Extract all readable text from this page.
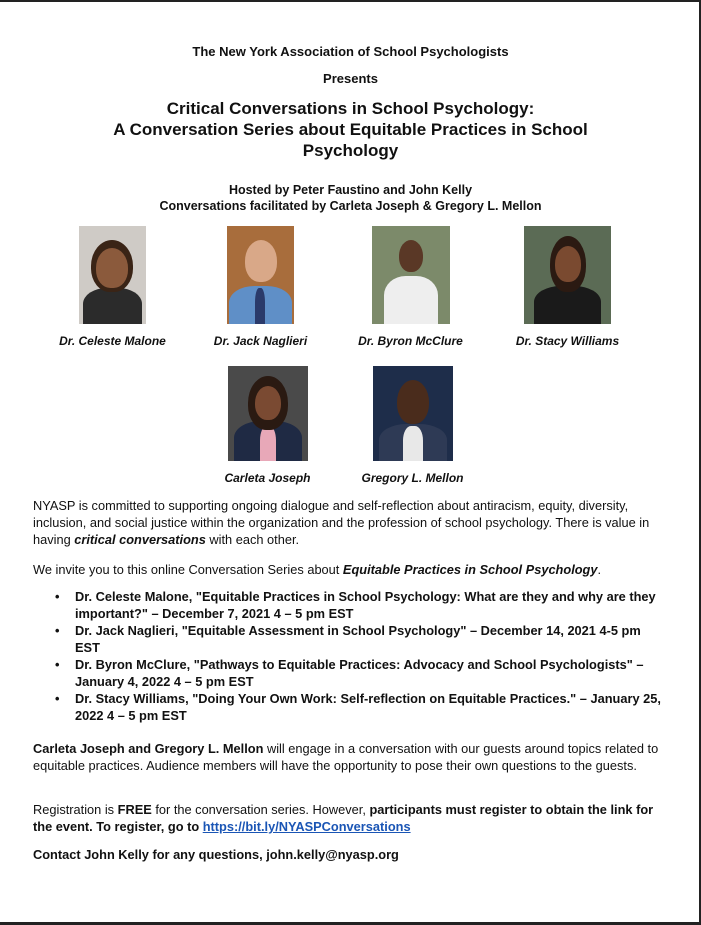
The New York Association of School Psychologists
Presents
Critical Conversations in School Psychology:
A Conversation Series about Equitable Practices in School
Psychology
Hosted by Peter Faustino and John Kelly
Conversations facilitated by Carleta Joseph & Gregory L. Mellon
Dr. Celeste Malone	Dr. Jack Naglieri	Dr. Byron McClure	Dr. Stacy Williams
Carleta Joseph	Gregory L. Mellon
NYASP is committed to supporting ongoing dialogue and self-reflection about antiracism, equity, diversity, inclusion, and social justice within the organization and the profession of school psychology. There is value in having critical conversations with each other.
We invite you to this online Conversation Series about Equitable Practices in School Psychology.
• Dr. Celeste Malone, "Equitable Practices in School Psychology: What are they and why are they important?" – December 7, 2021 4 – 5 pm EST
• Dr. Jack Naglieri, "Equitable Assessment in School Psychology" – December 14, 2021 4-5 pm EST
• Dr. Byron McClure, "Pathways to Equitable Practices: Advocacy and School Psychologists" – January 4, 2022 4 – 5 pm EST
• Dr. Stacy Williams, "Doing Your Own Work: Self-reflection on Equitable Practices." – January 25, 2022 4 – 5 pm EST
Carleta Joseph and Gregory L. Mellon will engage in a conversation with our guests around topics related to equitable practices. Audience members will have the opportunity to pose their own questions to the guests.
Registration is FREE for the conversation series. However, participants must register to obtain the link for the event. To register, go to https://bit.ly/NYASPConversations
Contact John Kelly for any questions, john.kelly@nyasp.org
